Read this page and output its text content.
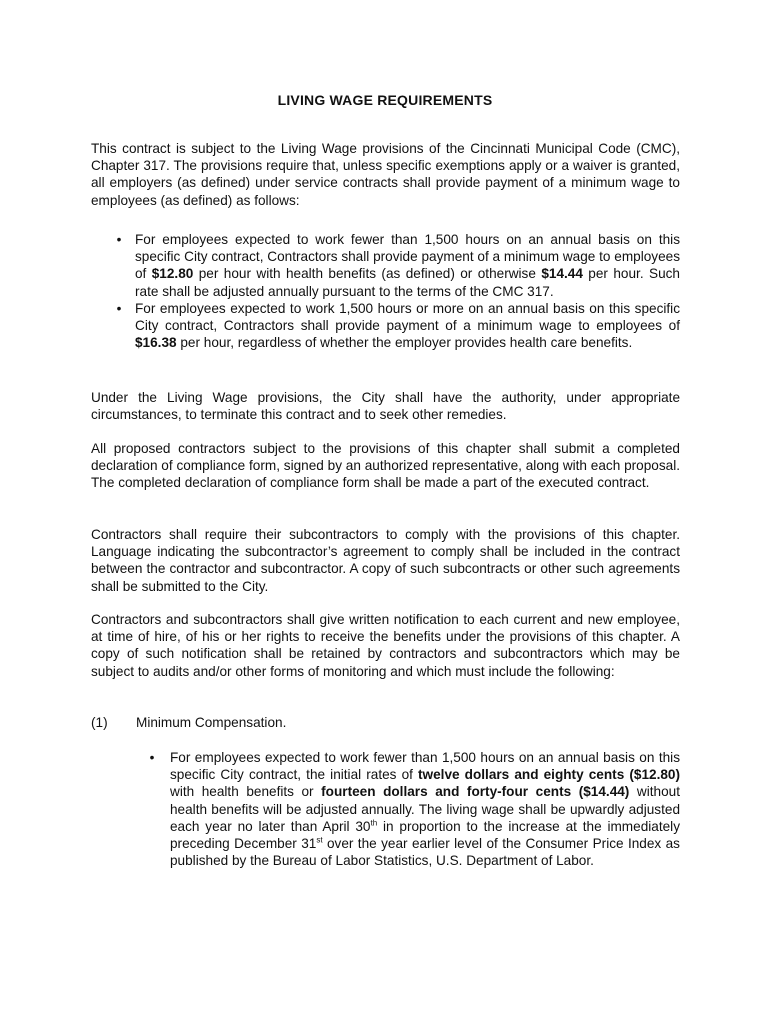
LIVING WAGE REQUIREMENTS

This contract is subject to the Living Wage provisions of the Cincinnati Municipal Code (CMC), Chapter 317. The provisions require that, unless specific exemptions apply or a waiver is granted, all employers (as defined) under service contracts shall provide payment of a minimum wage to employees (as defined) as follows:

• For employees expected to work fewer than 1,500 hours on an annual basis on this specific City contract, Contractors shall provide payment of a minimum wage to employees of $12.80 per hour with health benefits (as defined) or otherwise $14.44 per hour. Such rate shall be adjusted annually pursuant to the terms of the CMC 317.
• For employees expected to work 1,500 hours or more on an annual basis on this specific City contract, Contractors shall provide payment of a minimum wage to employees of $16.38 per hour, regardless of whether the employer provides health care benefits.

Under the Living Wage provisions, the City shall have the authority, under appropriate circumstances, to terminate this contract and to seek other remedies.

All proposed contractors subject to the provisions of this chapter shall submit a completed declaration of compliance form, signed by an authorized representative, along with each proposal. The completed declaration of compliance form shall be made a part of the executed contract.

Contractors shall require their subcontractors to comply with the provisions of this chapter. Language indicating the subcontractor’s agreement to comply shall be included in the contract between the contractor and subcontractor. A copy of such subcontracts or other such agreements shall be submitted to the City.

Contractors and subcontractors shall give written notification to each current and new employee, at time of hire, of his or her rights to receive the benefits under the provisions of this chapter. A copy of such notification shall be retained by contractors and subcontractors which may be subject to audits and/or other forms of monitoring and which must include the following:

(1) Minimum Compensation.
• For employees expected to work fewer than 1,500 hours on an annual basis on this specific City contract, the initial rates of twelve dollars and eighty cents ($12.80) with health benefits or fourteen dollars and forty-four cents ($14.44) without health benefits will be adjusted annually. The living wage shall be upwardly adjusted each year no later than April 30th in proportion to the increase at the immediately preceding December 31st over the year earlier level of the Consumer Price Index as published by the Bureau of Labor Statistics, U.S. Department of Labor.
